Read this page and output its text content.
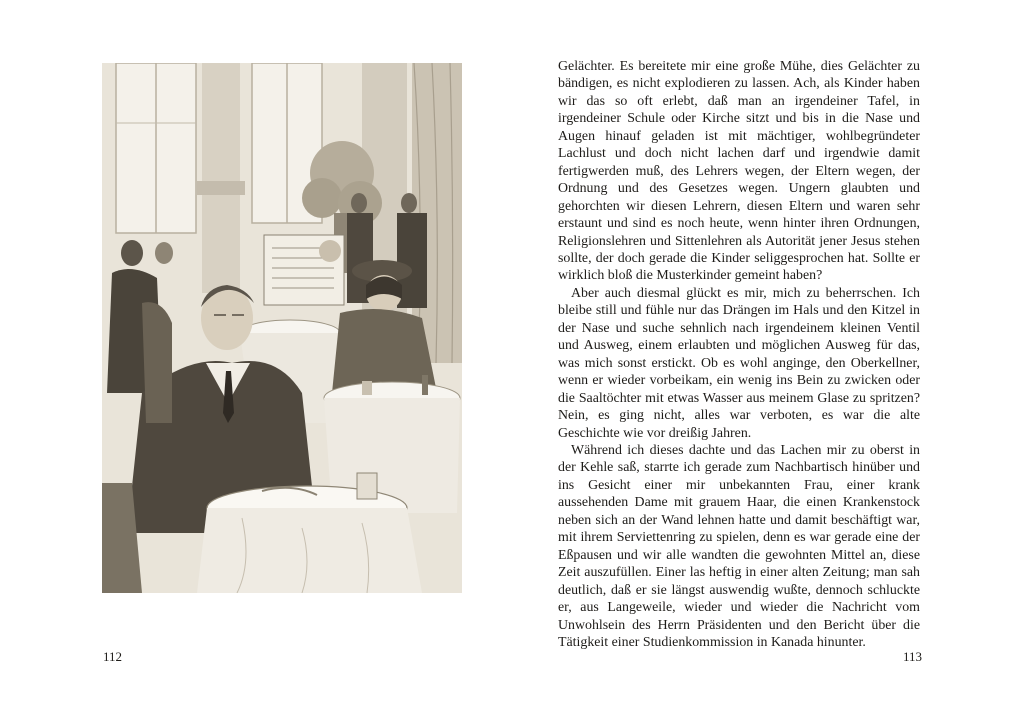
112

Gelächter. Es bereitete mir eine große Mühe, dies Gelächter zu bändigen, es nicht explodieren zu lassen. Ach, als Kinder haben wir das so oft erlebt, daß man an irgendeiner Tafel, in irgendeiner Schule oder Kirche sitzt und bis in die Nase und Augen hinauf geladen ist mit mächtiger, wohlbegründeter Lachlust und doch nicht lachen darf und irgendwie damit fertigwerden muß, des Lehrers wegen, der Eltern wegen, der Ordnung und des Gesetzes wegen. Ungern glaubten und gehorchten wir diesen Lehrern, diesen Eltern und waren sehr erstaunt und sind es noch heute, wenn hinter ihren Ordnungen, Religionslehren und Sittenlehren als Autorität jener Jesus stehen sollte, der doch gerade die Kinder seliggesprochen hat. Sollte er wirklich bloß die Musterkinder gemeint haben?

Aber auch diesmal glückt es mir, mich zu beherrschen. Ich bleibe still und fühle nur das Drängen im Hals und den Kitzel in der Nase und suche sehnlich nach irgendeinem kleinen Ventil und Ausweg, einem erlaubten und möglichen Ausweg für das, was mich sonst erstickt. Ob es wohl anginge, den Oberkellner, wenn er wieder vorbeikam, ein wenig ins Bein zu zwicken oder die Saaltöchter mit etwas Wasser aus meinem Glase zu spritzen? Nein, es ging nicht, alles war verboten, es war die alte Geschichte wie vor dreißig Jahren.

Während ich dieses dachte und das Lachen mir zu oberst in der Kehle saß, starrte ich gerade zum Nachbartisch hinüber und ins Gesicht einer mir unbekannten Frau, einer krank aussehenden Dame mit grauem Haar, die einen Krankenstock neben sich an der Wand lehnen hatte und damit beschäftigt war, mit ihrem Serviettenring zu spielen, denn es war gerade eine der Eßpausen und wir alle wandten die gewohnten Mittel an, diese Zeit auszufüllen. Einer las heftig in einer alten Zeitung; man sah deutlich, daß er sie längst auswendig wußte, dennoch schluckte er, aus Langeweile, wieder und wieder die Nachricht vom Unwohlsein des Herrn Präsidenten und den Bericht über die Tätigkeit einer Studienkommission in Kanada hinunter.

113
